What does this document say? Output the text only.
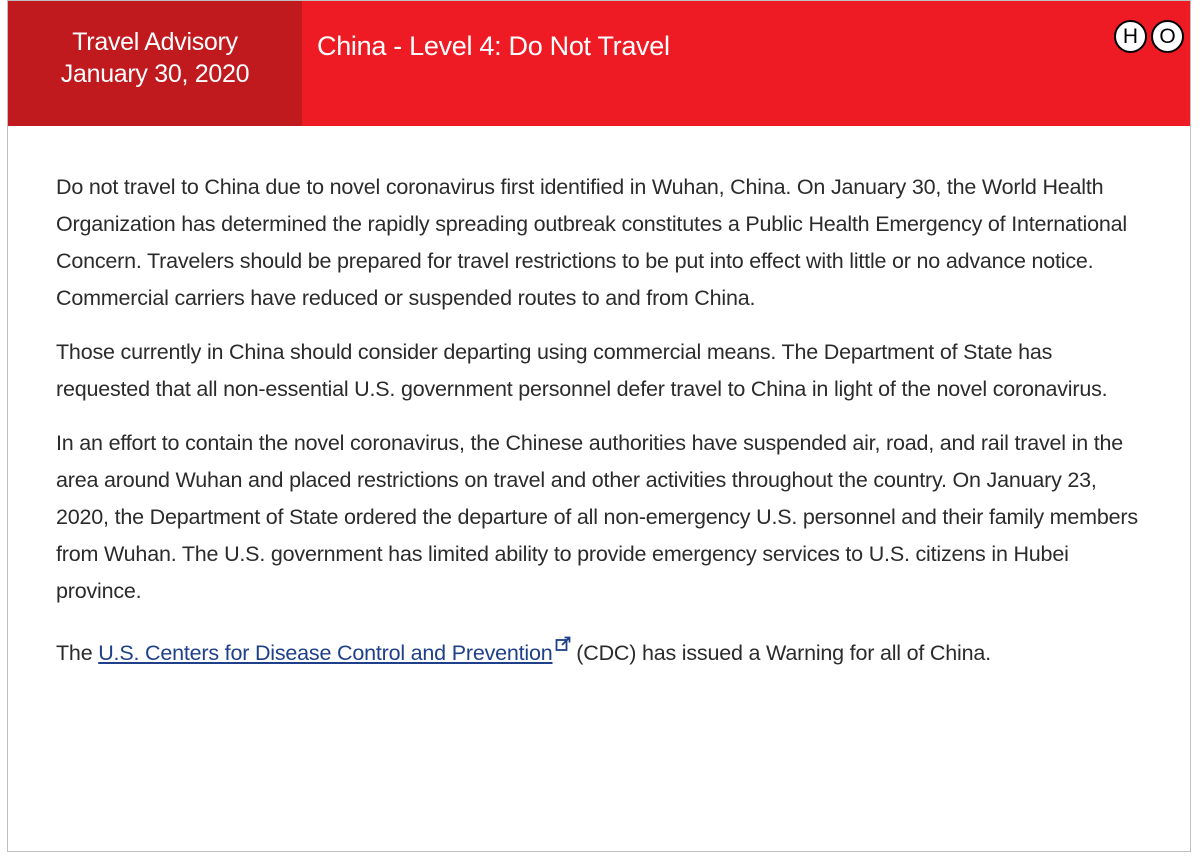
Travel Advisory
January 30, 2020
China - Level 4: Do Not Travel	H	O

Do not travel to China due to novel coronavirus first identified in Wuhan, China. On January 30, the World Health Organization has determined the rapidly spreading outbreak constitutes a Public Health Emergency of International Concern. Travelers should be prepared for travel restrictions to be put into effect with little or no advance notice. Commercial carriers have reduced or suspended routes to and from China.

Those currently in China should consider departing using commercial means. The Department of State has requested that all non-essential U.S. government personnel defer travel to China in light of the novel coronavirus.

In an effort to contain the novel coronavirus, the Chinese authorities have suspended air, road, and rail travel in the area around Wuhan and placed restrictions on travel and other activities throughout the country. On January 23, 2020, the Department of State ordered the departure of all non-emergency U.S. personnel and their family members from Wuhan. The U.S. government has limited ability to provide emergency services to U.S. citizens in Hubei province.

The U.S. Centers for Disease Control and Prevention (CDC) has issued a Warning for all of China.
